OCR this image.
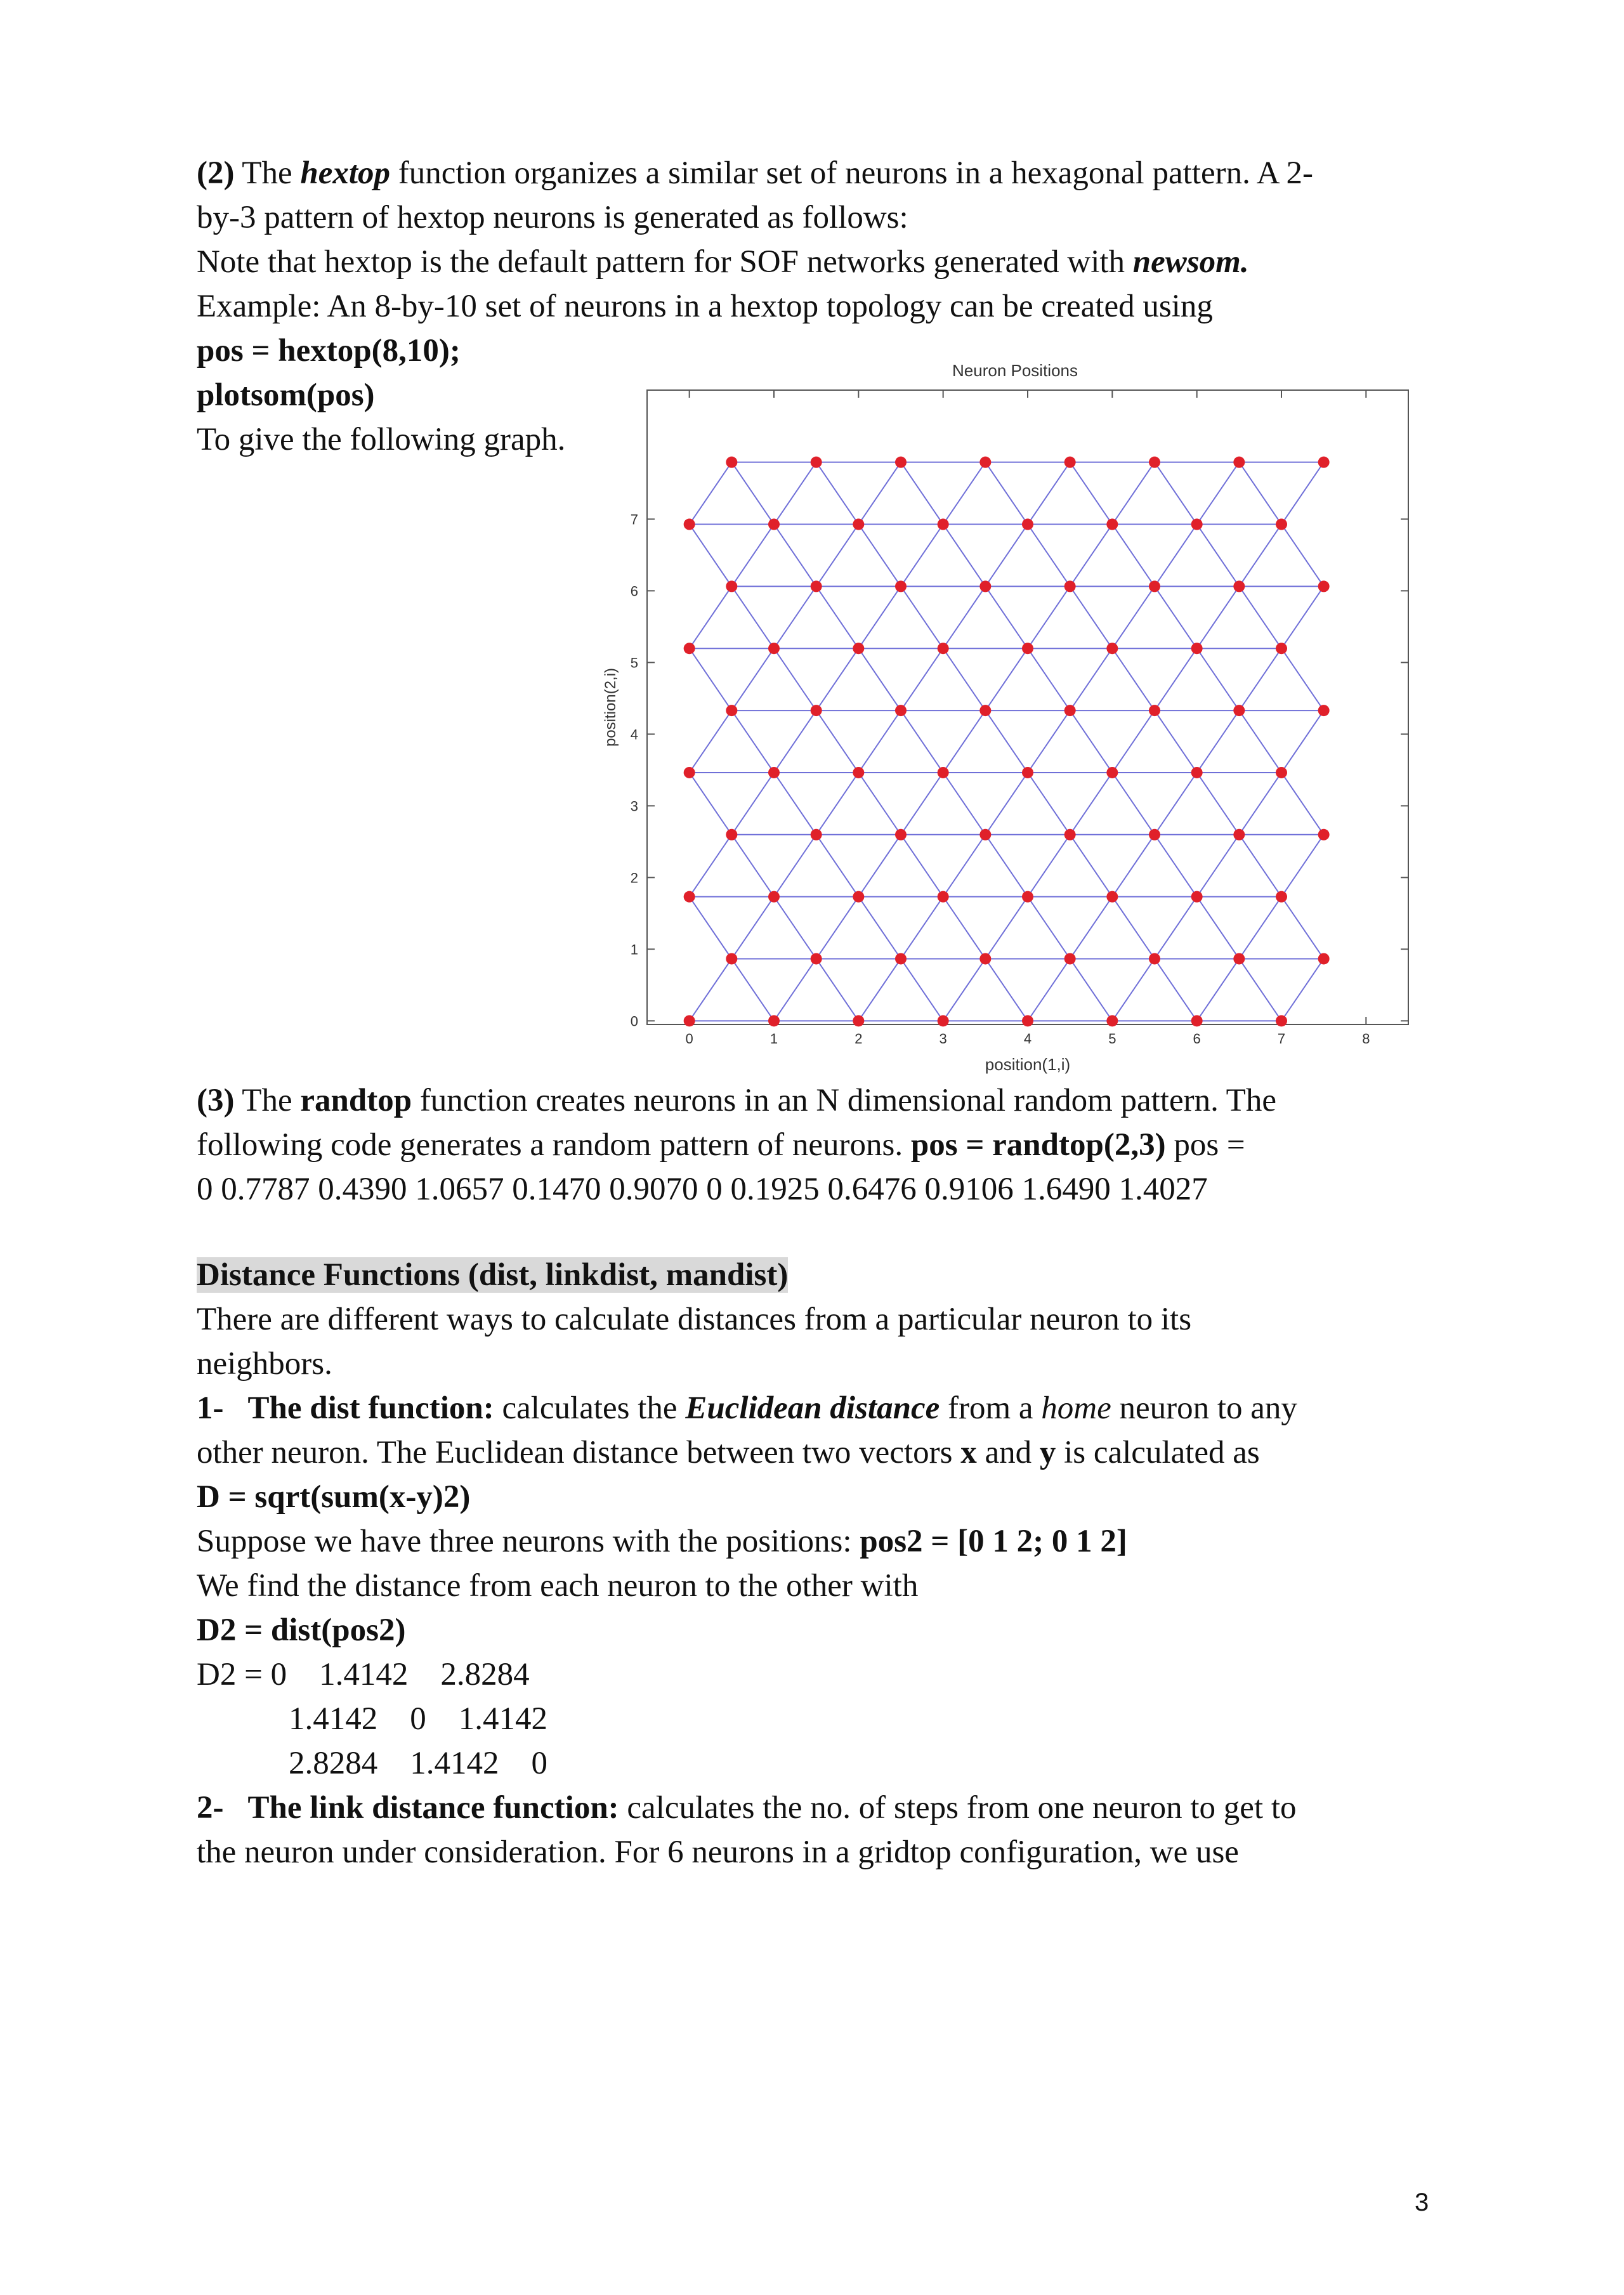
(2) The hextop function organizes a similar set of neurons in a hexagonal pattern. A 2-
by-3 pattern of hextop neurons is generated as follows:
Note that hextop is the default pattern for SOF networks generated with newsom.
Example: An 8-by-10 set of neurons in a hextop topology can be created using
pos = hextop(8,10);
plotsom(pos)
To give the following graph.
0	1	2	3	4	5	6	7	8
0
1
2
3
4
5
6
7
Neuron Positions
position(1,i)
position(2,i)
(3) The randtop function creates neurons in an N dimensional random pattern. The
following code generates a random pattern of neurons. pos = randtop(2,3) pos =
0 0.7787 0.4390 1.0657 0.1470 0.9070 0 0.1925 0.6476 0.9106 1.6490 1.4027
Distance Functions (dist, linkdist, mandist)
There are different ways to calculate distances from a particular neuron to its
neighbors.
1- The dist function: calculates the Euclidean distance from a home neuron to any
other neuron. The Euclidean distance between two vectors x and y is calculated as
D = sqrt(sum(x-y)2)
Suppose we have three neurons with the positions: pos2 = [0 1 2; 0 1 2]
We find the distance from each neuron to the other with
D2 = dist(pos2)
D2 = 0    1.4142    2.8284
1.4142    0    1.4142
2.8284    1.4142    0
2- The link distance function: calculates the no. of steps from one neuron to get to
the neuron under consideration. For 6 neurons in a gridtop configuration, we use
3
